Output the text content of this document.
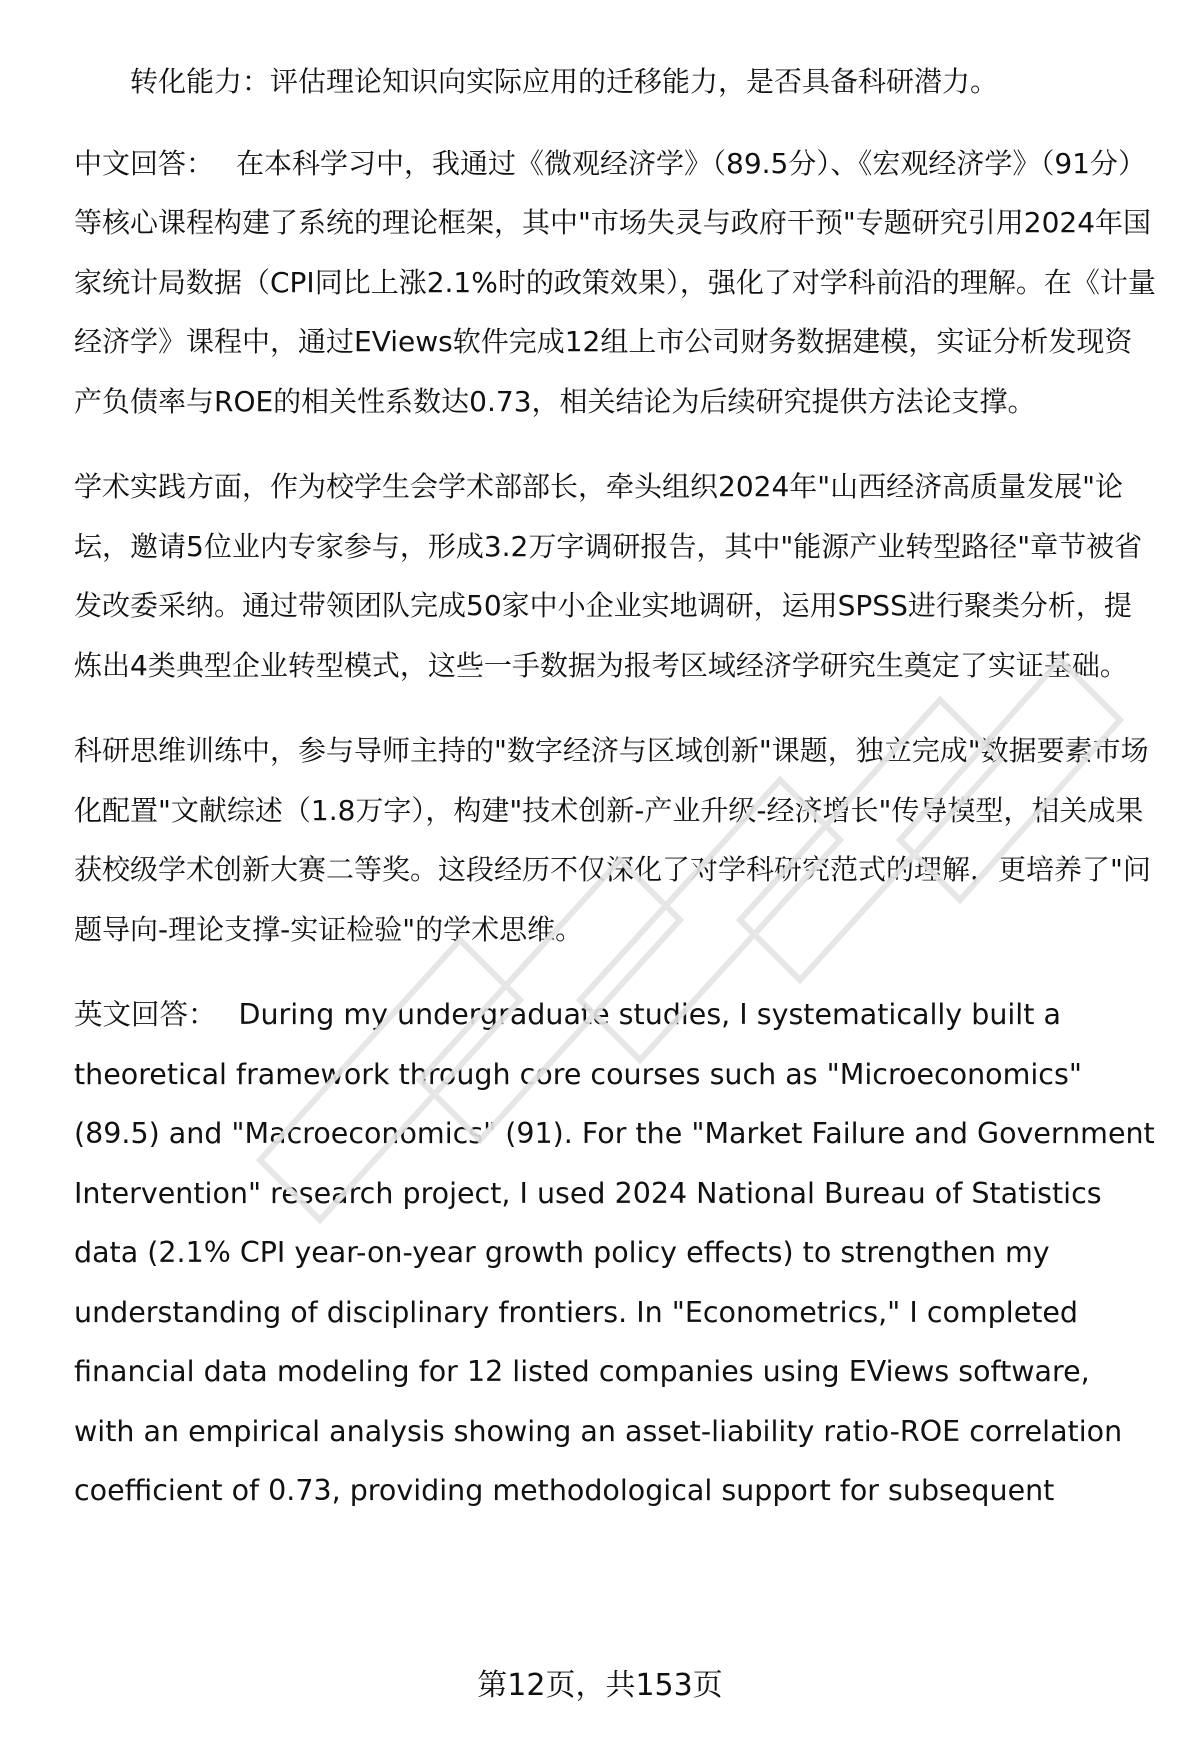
转化能力：评估理论知识向实际应用的迁移能力，是否具备科研潜力。

中文回答： 在本科学习中，我通过《微观经济学》（89.5分）、《宏观经济学》（91分）等核心课程构建了系统的理论框架，其中"市场失灵与政府干预"专题研究引用2024年国家统计局数据（CPI同比上涨2.1%时的政策效果），强化了对学科前沿的理解。在《计量经济学》课程中，通过EViews软件完成12组上市公司财务数据建模，实证分析发现资产负债率与ROE的相关性系数达0.73，相关结论为后续研究提供方法论支撑。

学术实践方面，作为校学生会学术部部长，牵头组织2024年"山西经济高质量发展"论坛，邀请5位业内专家参与，形成3.2万字调研报告，其中"能源产业转型路径"章节被省发改委采纳。通过带领团队完成50家中小企业实地调研，运用SPSS进行聚类分析，提炼出4类典型企业转型模式，这些一手数据为报考区域经济学研究生奠定了实证基础。

科研思维训练中，参与导师主持的"数字经济与区域创新"课题，独立完成"数据要素市场化配置"文献综述（1.8万字），构建"技术创新-产业升级-经济增长"传导模型，相关成果获校级学术创新大赛二等奖。这段经历不仅深化了对学科研究范式的理解，更培养了"问题导向-理论支撑-实证检验"的学术思维。

英文回答： During my undergraduate studies, I systematically built a theoretical framework through core courses such as "Microeconomics" (89.5) and "Macroeconomics" (91). For the "Market Failure and Government Intervention" research project, I used 2024 National Bureau of Statistics data (2.1% CPI year-on-year growth policy effects) to strengthen my understanding of disciplinary frontiers. In "Econometrics," I completed financial data modeling for 12 listed companies using EViews software, with an empirical analysis showing an asset-liability ratio-ROE correlation coefficient of 0.73, providing methodological support for subsequent

第12页，共153页
